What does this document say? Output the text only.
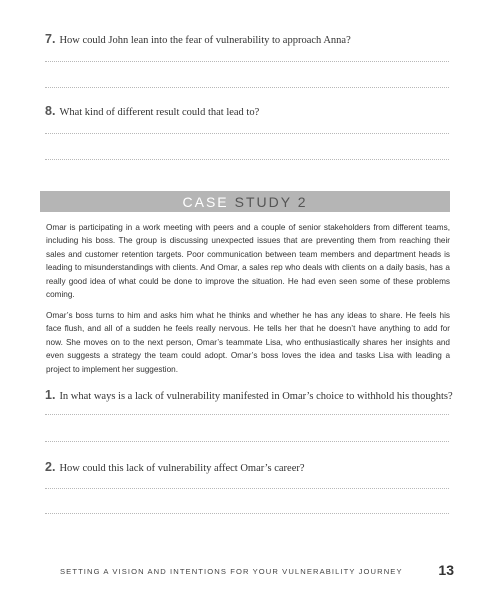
7. How could John lean into the fear of vulnerability to approach Anna?
8. What kind of different result could that lead to?
CASE STUDY 2
Omar is participating in a work meeting with peers and a couple of senior stakeholders from different teams, including his boss. The group is discussing unexpected issues that are preventing them from reaching their sales and customer retention targets. Poor communication between team members and department heads is leading to misunderstandings with clients. And Omar, a sales rep who deals with clients on a daily basis, has a really good idea of what could be done to improve the situation. He had even seen some of these problems coming.
Omar’s boss turns to him and asks him what he thinks and whether he has any ideas to share. He feels his face flush, and all of a sudden he feels really nervous. He tells her that he doesn’t have anything to add for now. She moves on to the next person, Omar’s teammate Lisa, who enthusiastically shares her insights and even suggests a strategy the team could adopt. Omar’s boss loves the idea and tasks Lisa with leading a project to implement her suggestion.
1. In what ways is a lack of vulnerability manifested in Omar’s choice to withhold his thoughts?
2. How could this lack of vulnerability affect Omar’s career?
SETTING A VISION AND INTENTIONS FOR YOUR VULNERABILITY JOURNEY	13
